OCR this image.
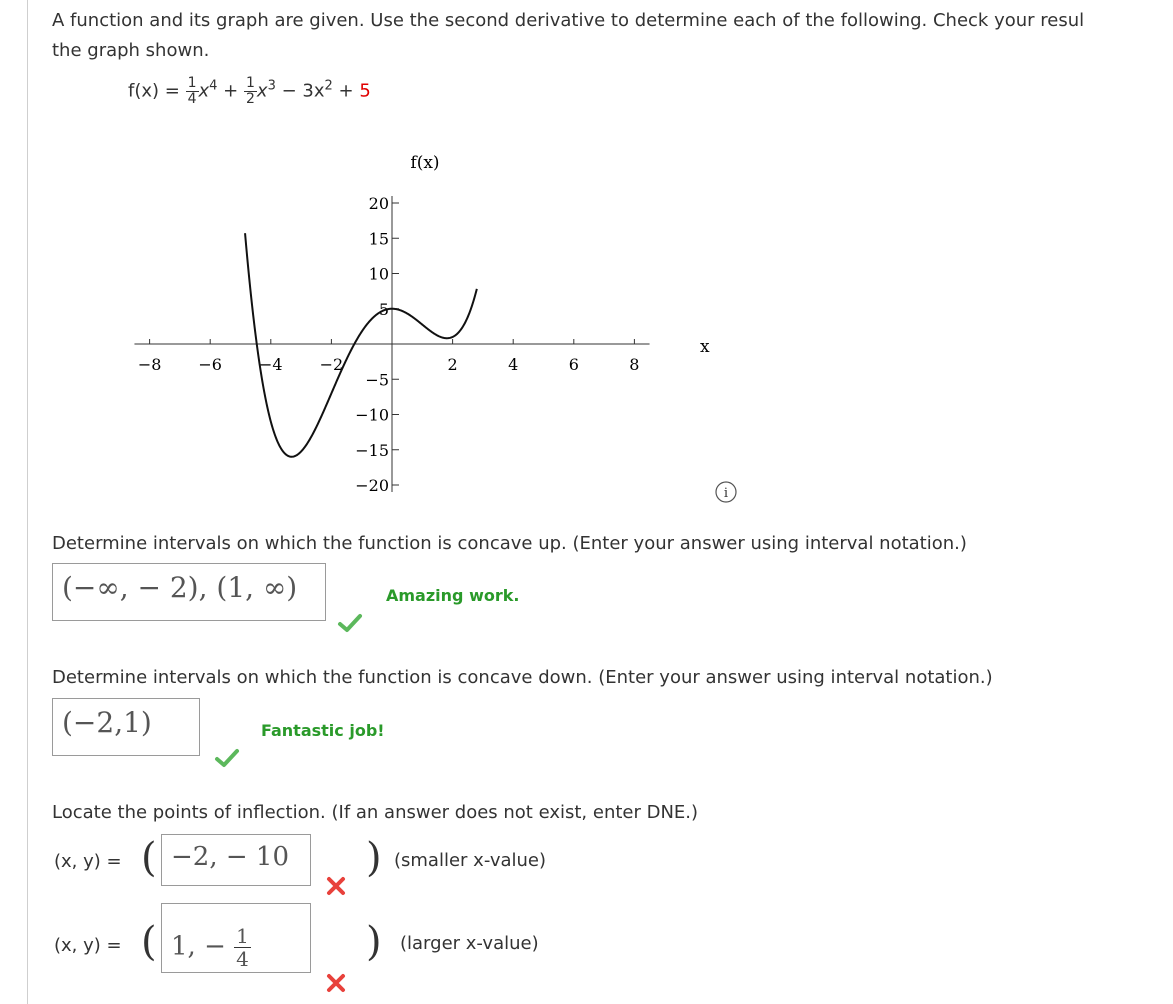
A function and its graph are given. Use the second derivative to determine each of the following. Check your resul
the graph shown.
$f(x) = \frac{1}{4} x^4 + \frac{1}{2} x^3 - 3x^2 + 5$
−8 −6 −4 −2	2	4	6	8
−20
−15
−10
−5
5
10
15
20
f(x)
x
i
Determine intervals on which the function is concave up. (Enter your answer using interval notation.)
(−∞, − 2), (1, ∞)	Amazing work.
Determine intervals on which the function is concave down. (Enter your answer using interval notation.)
(−2,1)	Fantastic job!
Locate the points of inflection. (If an answer does not exist, enter DNE.)
(x, y) = ( −2, − 10 ) (smaller x-value)
(x, y) = ( 1, − $\frac{1}{4}$	) (larger x-value)
